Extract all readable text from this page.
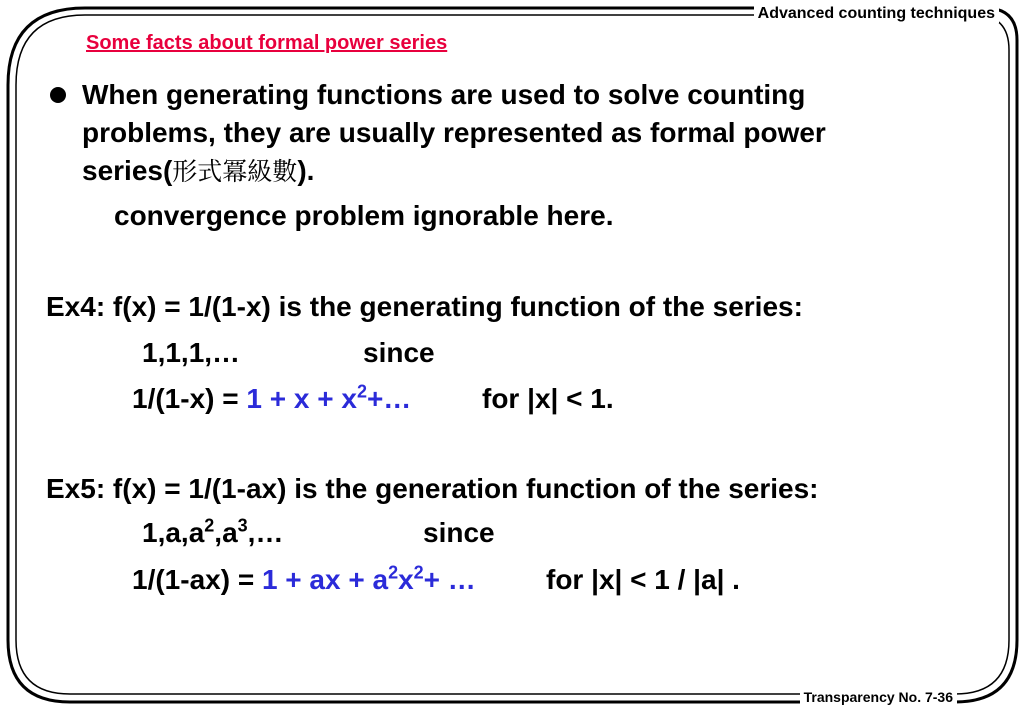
Advanced counting techniques
Some facts about formal power series
When generating functions are used to solve counting
problems, they are usually represented as formal power
series(形式冪級數).
convergence problem ignorable here.
Ex4: f(x) = 1/(1-x) is the generating function of the series:
1,1,1,…	since
$1/(1-x) = 1 + x + x^2+\dots$	for |x| < 1.
Ex5: f(x) = 1/(1-ax) is the generation function of the series:
$1,a,a^2,a^3,\dots$	since
1/(1-ax) = 1 + ax + $a^2x^2+$ …	for |x| < 1 / |a| .
Transparency No. 7-36
